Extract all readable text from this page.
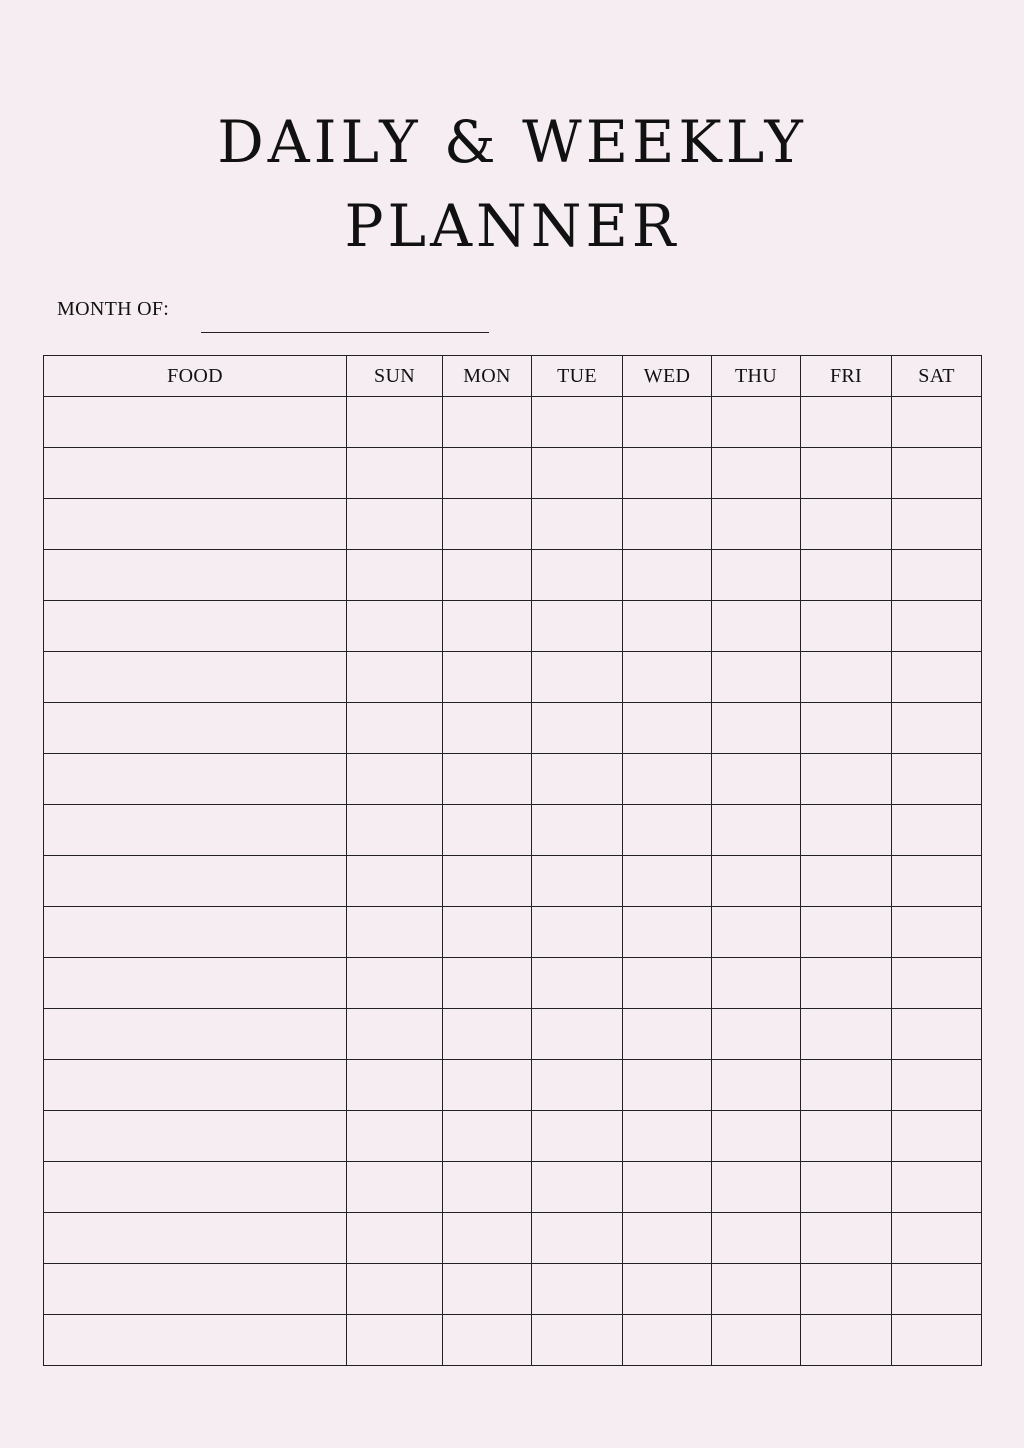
DAILY & WEEKLY
PLANNER
MONTH OF:
FOOD	SUN	MON	TUE	WED	THU	FRI	SAT
